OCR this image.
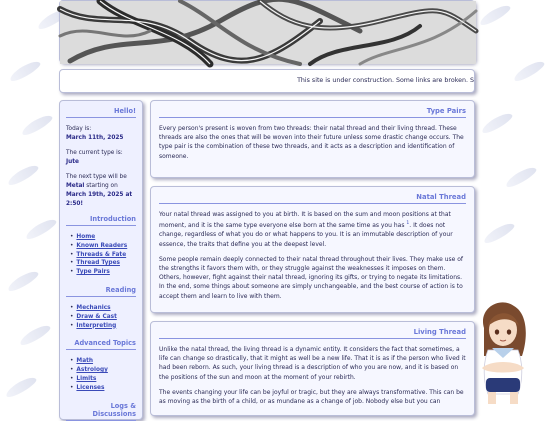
This site is under construction. Some links are broken. S
Hello!

Today is:
March 11th, 2025

The current type is:
Jute

The next type will be
Metal starting on
March 19th, 2025 at 2:50!

Introduction
• Home
• Known Readers
• Threads & Fate
• Thread Types
• Type Pairs
Reading
• Mechanics
• Draw & Cast
• Interpreting
Advanced Topics
• Math
• Astrology
• Limits
• Licenses
Logs & Discussions
Type Pairs

Every person's present is woven from two threads: their natal thread and their living thread. These threads are also the ones that will be woven into their future unless some drastic change occurs. The type pair is the combination of these two threads, and it acts as a description and identification of someone.

Natal Thread

Your natal thread was assigned to you at birth. It is based on the sum and moon positions at that moment, and it is the same type everyone else born at the same time as you has $^1$. It does not change, regardless of what you do or what happens to you. It is an immutable description of your essence, the traits that define you at the deepest level.

Some people remain deeply connected to their natal thread throughout their lives. They make use of the strengths it favors them with, or they struggle against the weaknesses it imposes on them. Others, however, fight against their natal thread, ignoring its gifts, or trying to negate its limitations. In the end, some things about someone are simply unchangeable, and the best course of action is to accept them and learn to live with them.

Living Thread

Unlike the natal thread, the living thread is a dynamic entity. It considers the fact that sometimes, a life can change so drastically, that it might as well be a new life. That it is as if the person who lived it had been reborn. As such, your living thread is a description of who you are now, and it is based on the positions of the sun and moon at the moment of your rebirth.

The events changing your life can be joyful or tragic, but they are always transformative. This can be as moving as the birth of a child, or as mundane as a change of job. Nobody else but you can
